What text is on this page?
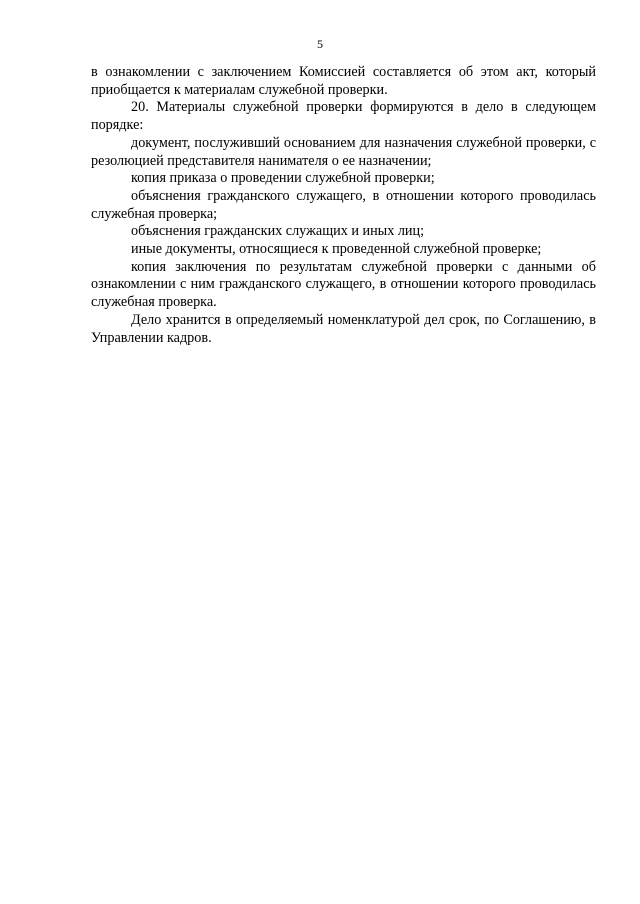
5

в ознакомлении с заключением Комиссией составляется об этом акт, который приобщается к материалам служебной проверки.

20. Материалы служебной проверки формируются в дело в следующем порядке:

документ, послуживший основанием для назначения служебной проверки, с резолюцией представителя нанимателя о ее назначении;

копия приказа о проведении служебной проверки;

объяснения гражданского служащего, в отношении которого проводилась служебная проверка;

объяснения гражданских служащих и иных лиц;

иные документы, относящиеся к проведенной служебной проверке;

копия заключения по результатам служебной проверки с данными об ознакомлении с ним гражданского служащего, в отношении которого проводилась служебная проверка.

Дело хранится в определяемый номенклатурой дел срок, по Соглашению, в Управлении кадров.
